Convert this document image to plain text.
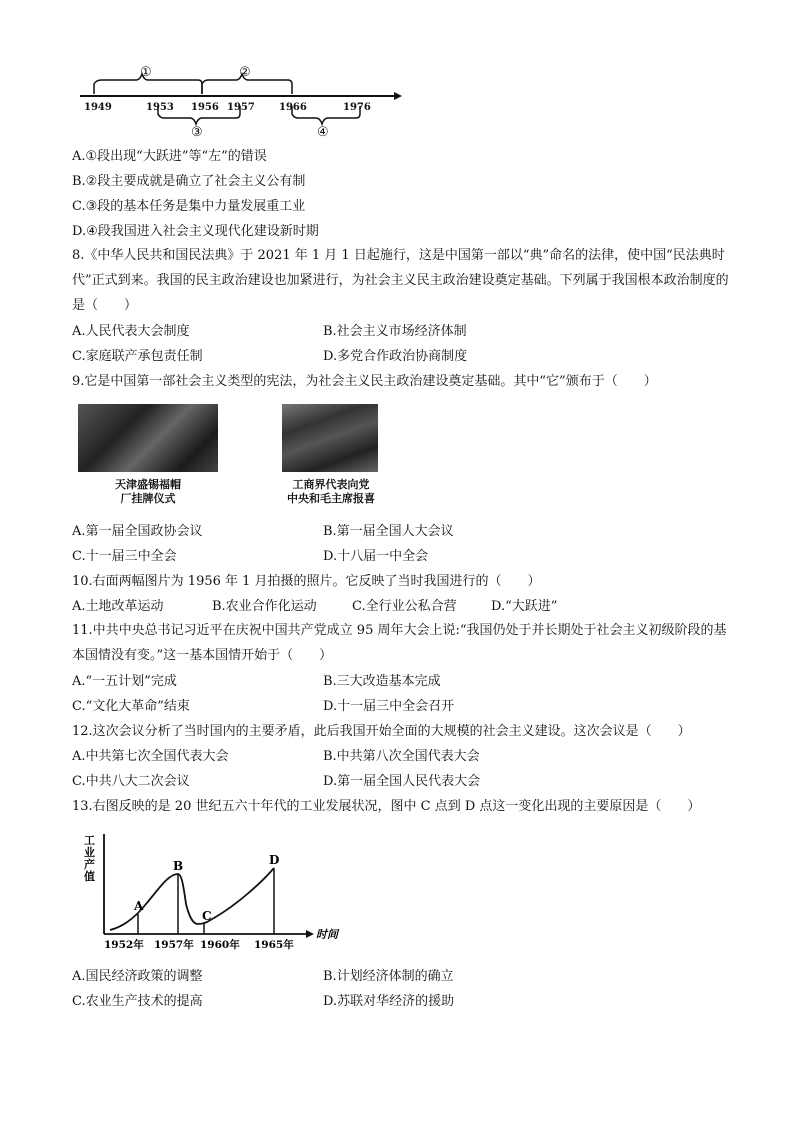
1949	1953 1956 1957 1966	1976
①	②
③	④
A.①段出现“大跃进”等“左”的错误
B.②段主要成就是确立了社会主义公有制
C.③段的基本任务是集中力量发展重工业
D.④段我国进入社会主义现代化建设新时期
8.《中华人民共和国民法典》于 2021 年 1 月 1 日起施行，这是中国第一部以“典”命名的法律，使中国“民法典时代”正式到来。我国的民主政治建设也加紧进行，为社会主义民主政治建设奠定基础。下列属于我国根本政治制度的是（　　）
A.人民代表大会制度	B.社会主义市场经济体制
C.家庭联产承包责任制	D.多党合作政治协商制度
9.它是中国第一部社会主义类型的宪法，为社会主义民主政治建设奠定基础。其中“它”颁布于（　　）
天津盛锡福帽
厂挂牌仪式
工商界代表向党
中央和毛主席报喜
A.第一届全国政协会议	B.第一届全国人大会议
C.十一届三中全会	D.十八届一中全会
10.右面两幅图片为 1956 年 1 月拍摄的照片。它反映了当时我国进行的（　　）
A.土地改革运动	B.农业合作化运动	C.全行业公私合营	D.“大跃进”
11.中共中央总书记习近平在庆祝中国共产党成立 95 周年大会上说:“我国仍处于并长期处于社会主义初级阶段的基本国情没有变。”这一基本国情开始于（　　）
A.“一五计划”完成	B.三大改造基本完成
C.“文化大革命”结束	D.十一届三中全会召开
12.这次会议分析了当时国内的主要矛盾，此后我国开始全面的大规模的社会主义建设。这次会议是（　　）
A.中共第七次全国代表大会	B.中共第八次全国代表大会
C.中共八大二次会议	D.第一届全国人民代表大会
13.右图反映的是 20 世纪五六十年代的工业发展状况，图中 C 点到 D 点这一变化出现的主要原因是（　　）
工业产值
时间
A
B
C
D
1952年 1957年 1960年 1965年
A.国民经济政策的调整	B.计划经济体制的确立
C.农业生产技术的提高	D.苏联对华经济的援助
